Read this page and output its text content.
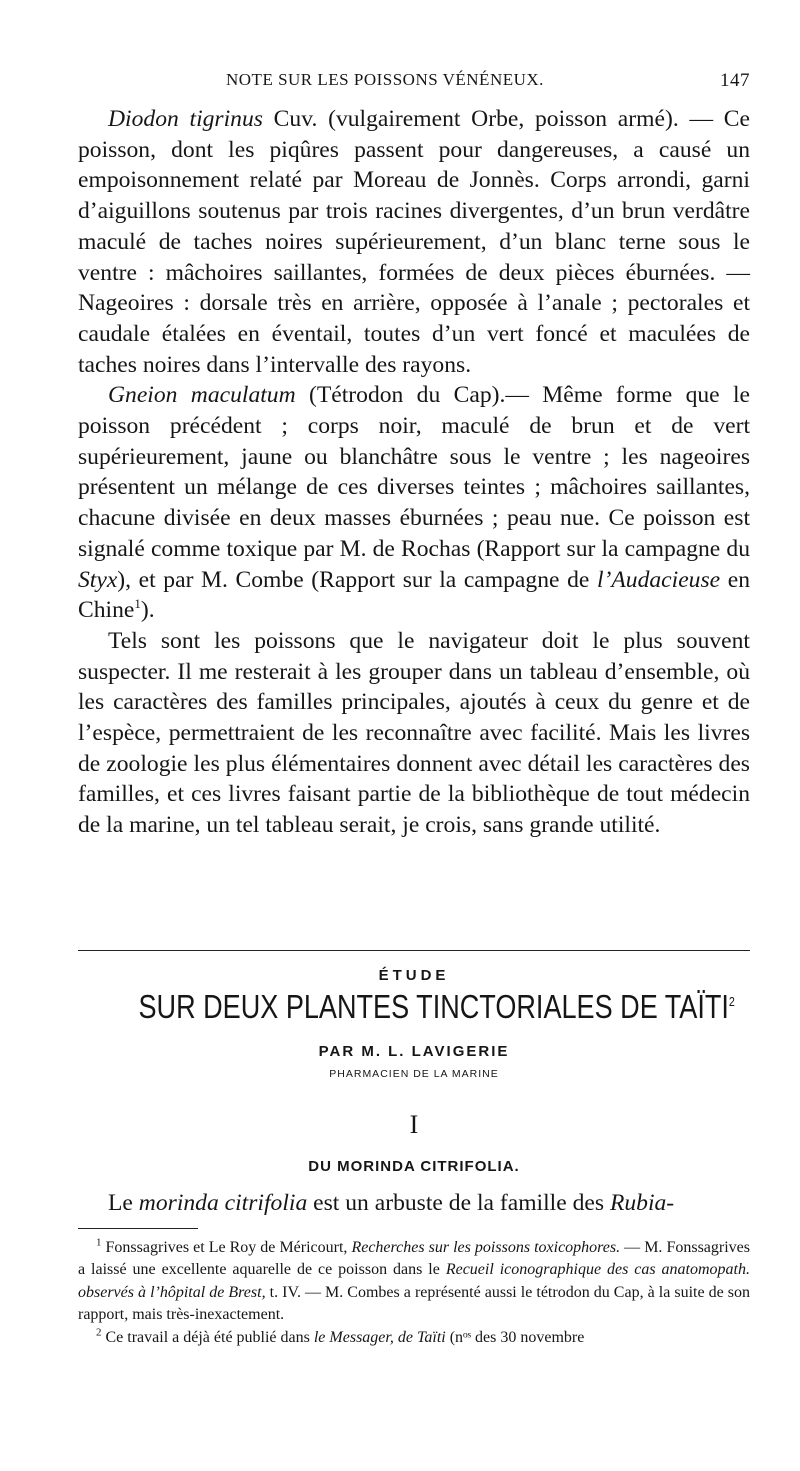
NOTE SUR LES POISSONS VÉNÉNEUX.	147

Diodon tigrinus Cuv. (vulgairement Orbe, poisson armé). — Ce poisson, dont les piqûres passent pour dangereuses, a causé un empoisonnement relaté par Moreau de Jonnès. Corps arrondi, garni d’aiguillons soutenus par trois racines divergentes, d’un brun verdâtre maculé de taches noires supérieurement, d’un blanc terne sous le ventre : mâchoires saillantes, formées de deux pièces éburnées. — Nageoires : dorsale très en arrière, opposée à l’anale ; pectorales et caudale étalées en éventail, toutes d’un vert foncé et maculées de taches noires dans l’intervalle des rayons.

Gneion maculatum (Tétrodon du Cap).— Même forme que le poisson précédent ; corps noir, maculé de brun et de vert supérieurement, jaune ou blanchâtre sous le ventre ; les nageoires présentent un mélange de ces diverses teintes ; mâchoires saillantes, chacune divisée en deux masses éburnées ; peau nue. Ce poisson est signalé comme toxique par M. de Rochas (Rapport sur la campagne du Styx), et par M. Combe (Rapport sur la campagne de l’Audacieuse en Chine$^1$).

Tels sont les poissons que le navigateur doit le plus souvent suspecter. Il me resterait à les grouper dans un tableau d’ensemble, où les caractères des familles principales, ajoutés à ceux du genre et de l’espèce, permettraient de les reconnaître avec facilité. Mais les livres de zoologie les plus élémentaires donnent avec détail les caractères des familles, et ces livres faisant partie de la bibliothèque de tout médecin de la marine, un tel tableau serait, je crois, sans grande utilité.

ÉTUDE
SUR DEUX PLANTES TINCTORIALES DE TAÏTI$^2$
PAR M. L. LAVIGERIE
PHARMACIEN DE LA MARINE
I
DU MORINDA CITRIFOLIA.

Le morinda citrifolia est un arbuste de la famille des Rubia-

$^1$ Fonssagrives et Le Roy de Méricourt, Recherches sur les poissons toxicophores. — M. Fonssagrives a laissé une excellente aquarelle de ce poisson dans le Recueil iconographique des cas anatomopath. observés à l’hôpital de Brest, t. IV. — M. Combes a représenté aussi le tétrodon du Cap, à la suite de son rapport, mais très-inexactement.

$^2$ Ce travail a déjà été publié dans le Messager, de Taïti (nᵒˢ des 30 novembre
